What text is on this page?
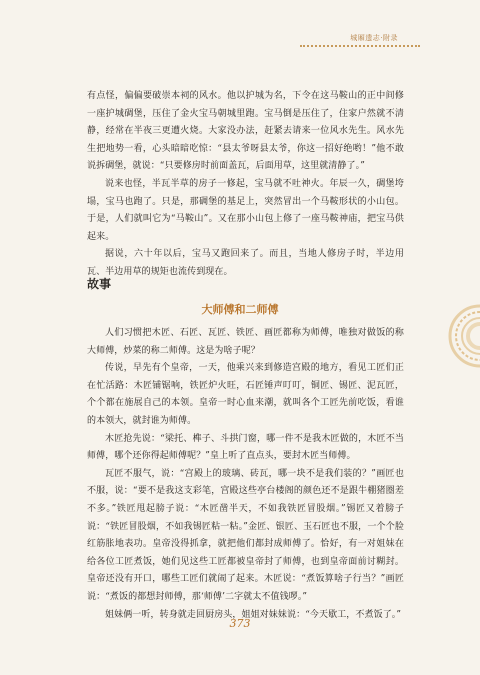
城厢遗志·附录

有点怪，偏偏要破崇本祠的风水。他以护城为名，下令在这马鞍山的正中间修一座护城碉堡，压住了金火宝马朝城里跑。宝马倒是压住了，住家户然就不清静，经常在半夜三更遭火烧。大家没办法，赶紧去请来一位风水先生。风水先生把地势一看，心头暗暗吃惊：“县太爷呀县太爷，你这一招好绝哟！”他不敢说拆碉堡，就说：“只要修房时前面盖瓦，后面用草，这里就清静了。”

说来也怪，半瓦半草的房子一修起，宝马就不吐神火。年辰一久，碉堡垮塌，宝马也跑了。只是，那碉堡的基足上，突然冒出一个马鞍形状的小山包。于是，人们就叫它为“马鞍山”。又在那小山包上修了一座马鞍神庙，把宝马供起来。

据说，六十年以后，宝马又跑回来了。而且，当地人修房子时，半边用瓦、半边用草的规矩也流传到现在。

故事
大师傅和二师傅

人们习惯把木匠、石匠、瓦匠、铁匠、画匠都称为师傅，唯独对做饭的称大师傅，炒菜的称二师傅。这是为啥子呢？

传说，早先有个皇帝，一天，他乘兴来到修造宫殿的地方，看见工匠们正在忙活路：木匠铺锯响，铁匠炉火旺，石匠锤声叮叮，铜匠、锡匠、泥瓦匠，个个都在施展自己的本领。皇帝一时心血来潮，就叫各个工匠先前吃饭，看谁的本领大，就封谁为师傅。

木匠抢先说：“梁托、榫子、斗拱门窗，哪一件不是我木匠做的，木匠不当师傅，哪个还你得起师傅呢？”皇上听了直点头，要封木匠当师傅。

瓦匠不服气，说：“宫殿上的玻璃、砖瓦，哪一块不是我们装的？”画匠也不服，说：“要不是我这支彩笔，宫殿这些亭台楼阁的颜色还不是跟牛棚猪圈差不多。”铁匠甩起膀子说：“木匠凿半天，不如我铁匠冒股烟。”锡匠又着膀子说：“铁匠冒股烟，不如我锡匠粘一粘。”金匠、银匠、玉石匠也不服，一个个脸红筋胀地表功。皇帝没得抓拿，就把他们都封成师傅了。恰好，有一对姐妹在给各位工匠煮饭，她们见这些工匠都被皇帝封了师傅，也到皇帝面前讨糊封。皇帝还没有开口，哪些工匠们就闹了起来。木匠说：“煮饭算啥子行当？”画匠说：“煮饭的都想封师傅，那‘师傅’二字就太不值钱啰。”

姐妹俩一听，转身就走回厨房头，姐姐对妹妹说：“今天歇工，不煮饭了。”

373
